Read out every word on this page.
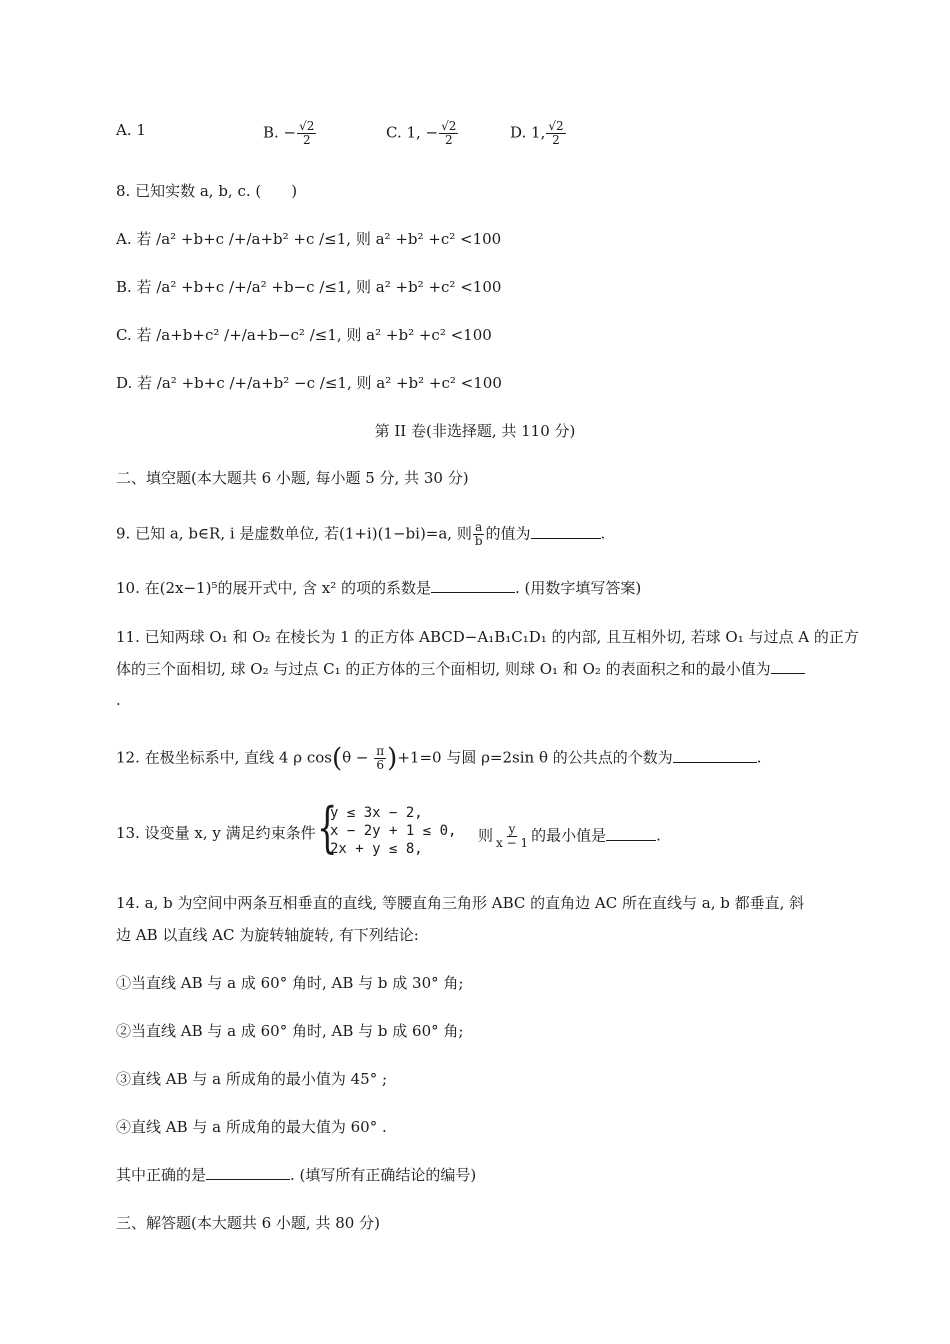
A. 1	B. − $\frac{√2}{2}$	C. 1, − $\frac{√2}{2}$	D. 1, $\frac{√2}{2}$
8. 已知实数 a, b, c. (　　)
A. 若 /a² +b+c /+/a+b² +c /≤1, 则 a² +b² +c² <100
B. 若 /a² +b+c /+/a² +b−c /≤1, 则 a² +b² +c² <100
C. 若 /a+b+c² /+/a+b−c² /≤1, 则 a² +b² +c² <100
D. 若 /a² +b+c /+/a+b² −c /≤1, 则 a² +b² +c² <100
第 II 卷(非选择题, 共 110 分)
二、填空题(本大题共 6 小题, 每小题 5 分, 共 30 分)
9. 已知 a, b∈R, i 是虚数单位, 若(1+i)(1−bi)=a, 则 $\frac{a}{b}$ 的值为	.
10. 在(2x−1)⁵的展开式中, 含 x² 的项的系数是	. (用数字填写答案)
11. 已知两球 O₁ 和 O₂ 在棱长为 1 的正方体 ABCD−A₁B₁C₁D₁ 的内部, 且互相外切, 若球 O₁ 与过点 A 的正方
体的三个面相切, 球 O₂ 与过点 C₁ 的正方体的三个面相切, 则球 O₁ 和 O₂ 的表面积之和的最小值为
.
12. 在极坐标系中, 直线 4 ρ $\cos(\theta - \frac{\pi}{6} )+1=0$ 与圆 ρ=2sin θ 的公共点的个数为	.
13. 设变量 x, y 满足约束条件 {
y ≤ 3x − 2,
x − 2y + 1 ≤ 0,
2x + y ≤ 8,
则 $\frac{y}{x - 1}$ 的最小值是	.
14. a, b 为空间中两条互相垂直的直线, 等腰直角三角形 ABC 的直角边 AC 所在直线与 a, b 都垂直, 斜
边 AB 以直线 AC 为旋转轴旋转, 有下列结论:
①当直线 AB 与 a 成 60° 角时, AB 与 b 成 30° 角;
②当直线 AB 与 a 成 60° 角时, AB 与 b 成 60° 角;
③直线 AB 与 a 所成角的最小值为 45° ;
④直线 AB 与 a 所成角的最大值为 60° .
其中正确的是	. (填写所有正确结论的编号)
三、解答题(本大题共 6 小题, 共 80 分)
